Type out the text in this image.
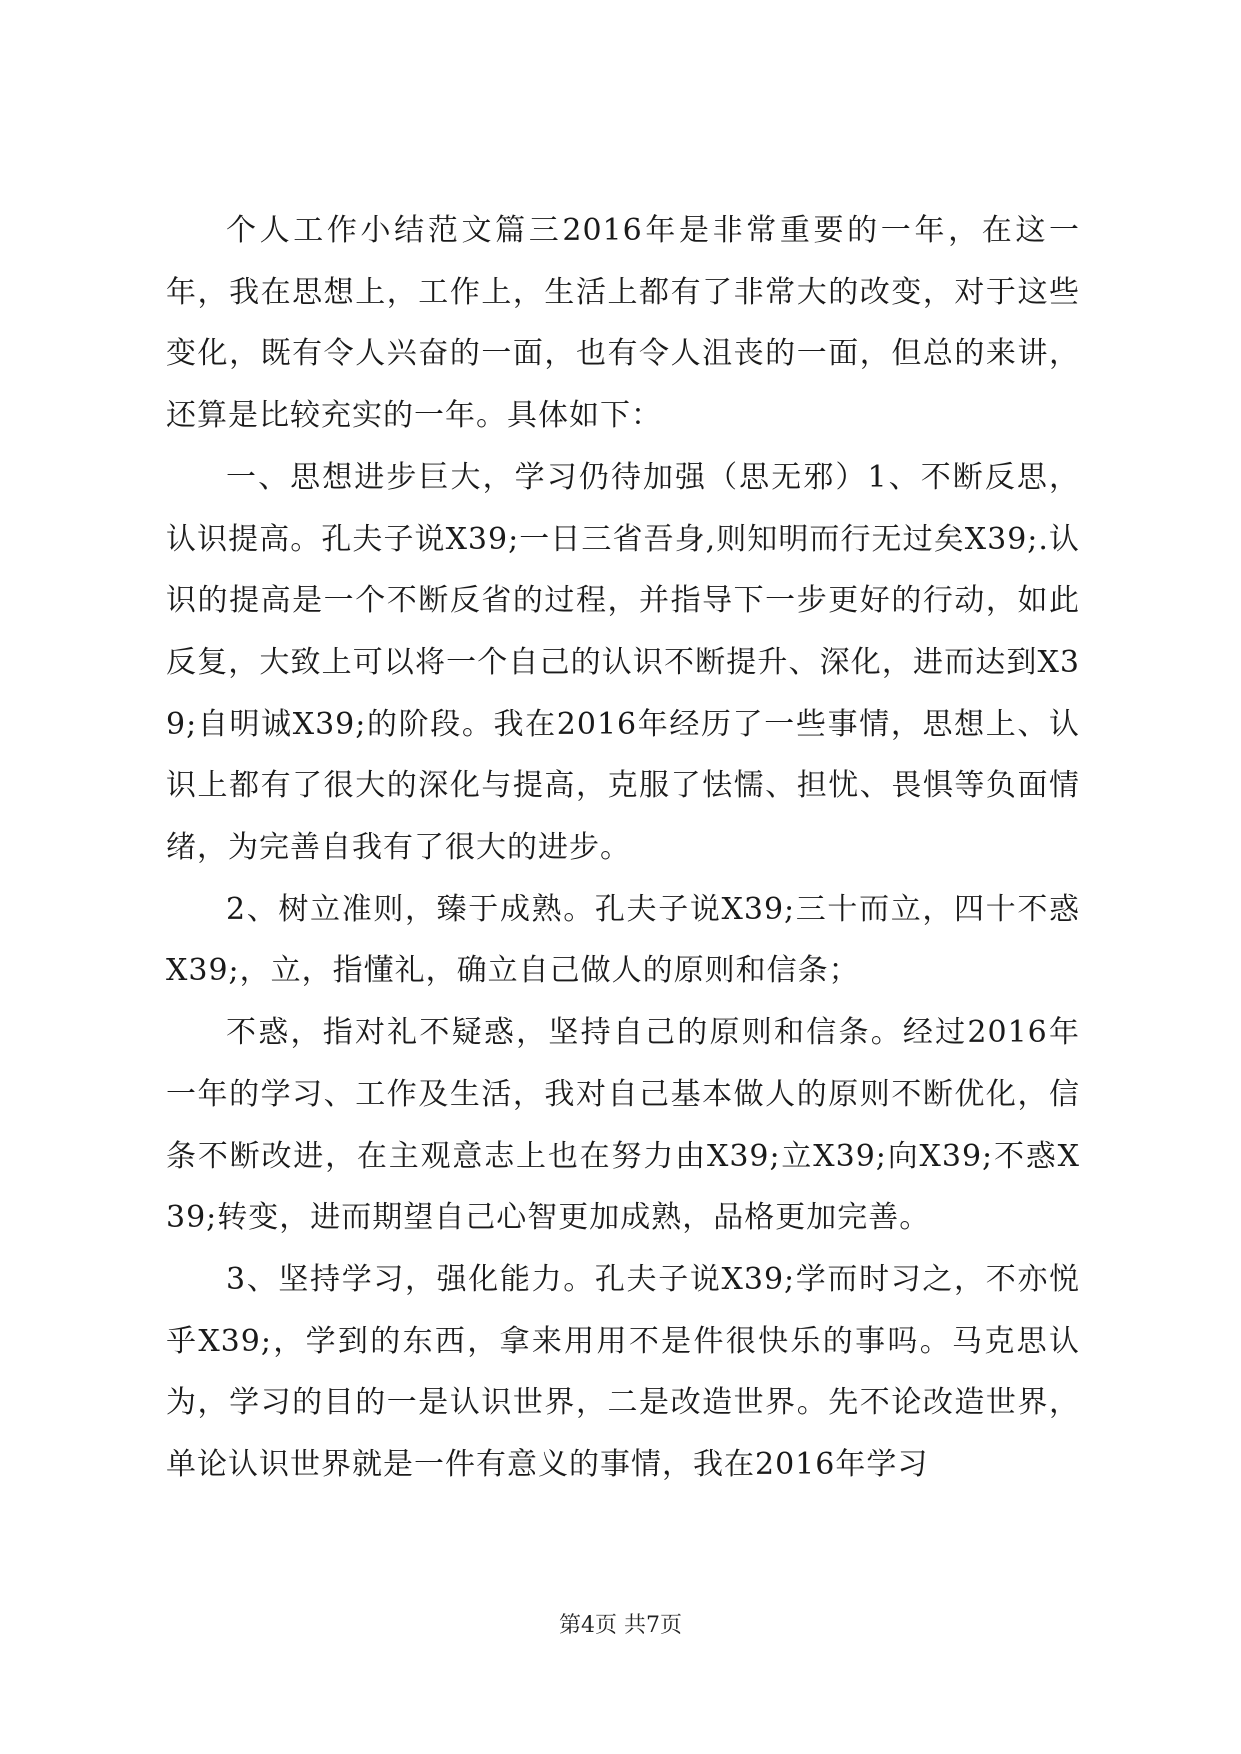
个人工作小结范文篇三2016年是非常重要的一年，在这一年，我在思想上，工作上，生活上都有了非常大的改变，对于这些变化，既有令人兴奋的一面，也有令人沮丧的一面，但总的来讲，还算是比较充实的一年。具体如下：

一、思想进步巨大，学习仍待加强（思无邪）1、不断反思，认识提高。孔夫子说X39;一日三省吾身,则知明而行无过矣X39;.认识的提高是一个不断反省的过程，并指导下一步更好的行动，如此反复，大致上可以将一个自己的认识不断提升、深化，进而达到X39;自明诚X39;的阶段。我在2016年经历了一些事情，思想上、认识上都有了很大的深化与提高，克服了怯懦、担忧、畏惧等负面情绪，为完善自我有了很大的进步。

2、树立准则，臻于成熟。孔夫子说X39;三十而立，四十不惑X39;，立，指懂礼，确立自己做人的原则和信条；

不惑，指对礼不疑惑，坚持自己的原则和信条。经过2016年一年的学习、工作及生活，我对自己基本做人的原则不断优化，信条不断改进，在主观意志上也在努力由X39;立X39;向X39;不惑X39;转变，进而期望自己心智更加成熟，品格更加完善。

3、坚持学习，强化能力。孔夫子说X39;学而时习之，不亦悦乎X39;，学到的东西，拿来用用不是件很快乐的事吗。马克思认为，学习的目的一是认识世界，二是改造世界。先不论改造世界，单论认识世界就是一件有意义的事情，我在2016年学习

第4页 共7页
